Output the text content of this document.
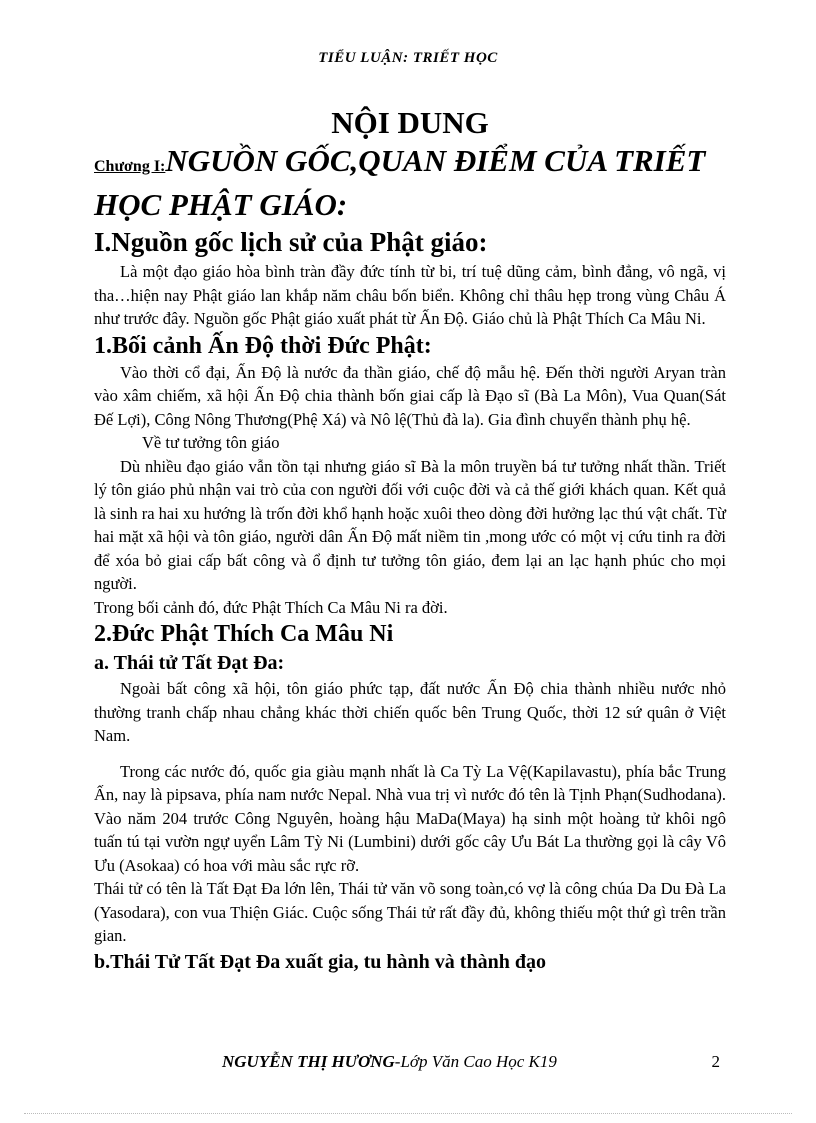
TIỂU LUẬN: TRIẾT HỌC
NỘI DUNG
Chương I:NGUỒN GỐC,QUAN ĐIỂM CỦA TRIẾT
HỌC PHẬT GIÁO:
I.Nguồn gốc lịch sử của Phật giáo:

Là một đạo giáo hòa bình tràn đầy đức tính từ bi, trí tuệ dũng cảm, bình đẳng, vô ngã, vị tha…hiện nay Phật giáo lan khắp năm châu bốn biển. Không chỉ thâu hẹp trong vùng Châu Á như trước đây. Nguồn gốc Phật giáo xuất phát từ Ấn Độ. Giáo chủ là Phật Thích Ca Mâu Ni.

1.Bối cảnh Ấn Độ thời Đức Phật:

Vào thời cổ đại, Ấn Độ là nước đa thần giáo, chế độ mẫu hệ. Đến thời người Aryan tràn vào xâm chiếm, xã hội Ấn Độ chia thành bốn giai cấp là Đạo sĩ (Bà La Môn), Vua Quan(Sát Đế Lợi), Công Nông Thương(Phệ Xá) và Nô lệ(Thủ đà la). Gia đình chuyển thành phụ hệ.

Về tư tưởng tôn giáo

Dù nhiều đạo giáo vẫn tồn tại nhưng giáo sĩ Bà la môn truyền bá tư tưởng nhất thần. Triết lý tôn giáo phủ nhận vai trò của con người đối với cuộc đời và cả thế giới khách quan. Kết quả là sinh ra hai xu hướng là trốn đời khổ hạnh hoặc xuôi theo dòng đời hưởng lạc thú vật chất. Từ hai mặt xã hội và tôn giáo, người dân Ấn Độ mất niềm tin ,mong ước có một vị cứu tinh ra đời để xóa bỏ giai cấp bất công và ổ định tư tưởng tôn giáo, đem lại an lạc hạnh phúc cho mọi người.

Trong bối cảnh đó, đức Phật Thích Ca Mâu Ni ra đời.

2.Đức Phật Thích Ca Mâu Ni
a. Thái tử Tất Đạt Đa:

Ngoài bất công xã hội, tôn giáo phức tạp, đất nước Ấn Độ chia thành nhiều nước nhỏ thường tranh chấp nhau chẳng khác thời chiến quốc bên Trung Quốc, thời 12 sứ quân ở Việt Nam.

Trong các nước đó, quốc gia giàu mạnh nhất là Ca Tỳ La Vệ(Kapilavastu), phía bắc Trung Ấn, nay là pipsava, phía nam nước Nepal. Nhà vua trị vì nước đó tên là Tịnh Phạn(Sudhodana). Vào năm 204 trước Công Nguyên, hoàng hậu MaDa(Maya) hạ sinh một hoàng tử khôi ngô tuấn tú tại vườn ngự uyển Lâm Tỳ Ni (Lumbini) dưới gốc cây Ưu Bát La thường gọi là cây Vô Ưu (Asokaa) có hoa với màu sắc rực rỡ.

Thái tử có tên là Tất Đạt Đa lớn lên, Thái tử văn võ song toàn,có vợ là công chúa Da Du Đà La (Yasodara), con vua Thiện Giác. Cuộc sống Thái tử rất đầy đủ, không thiếu một thứ gì trên trần gian.

b.Thái Tử Tất Đạt Đa xuất gia, tu hành và thành đạo
NGUYỄN THỊ HƯƠNG-Lớp Văn Cao Học K19	2
